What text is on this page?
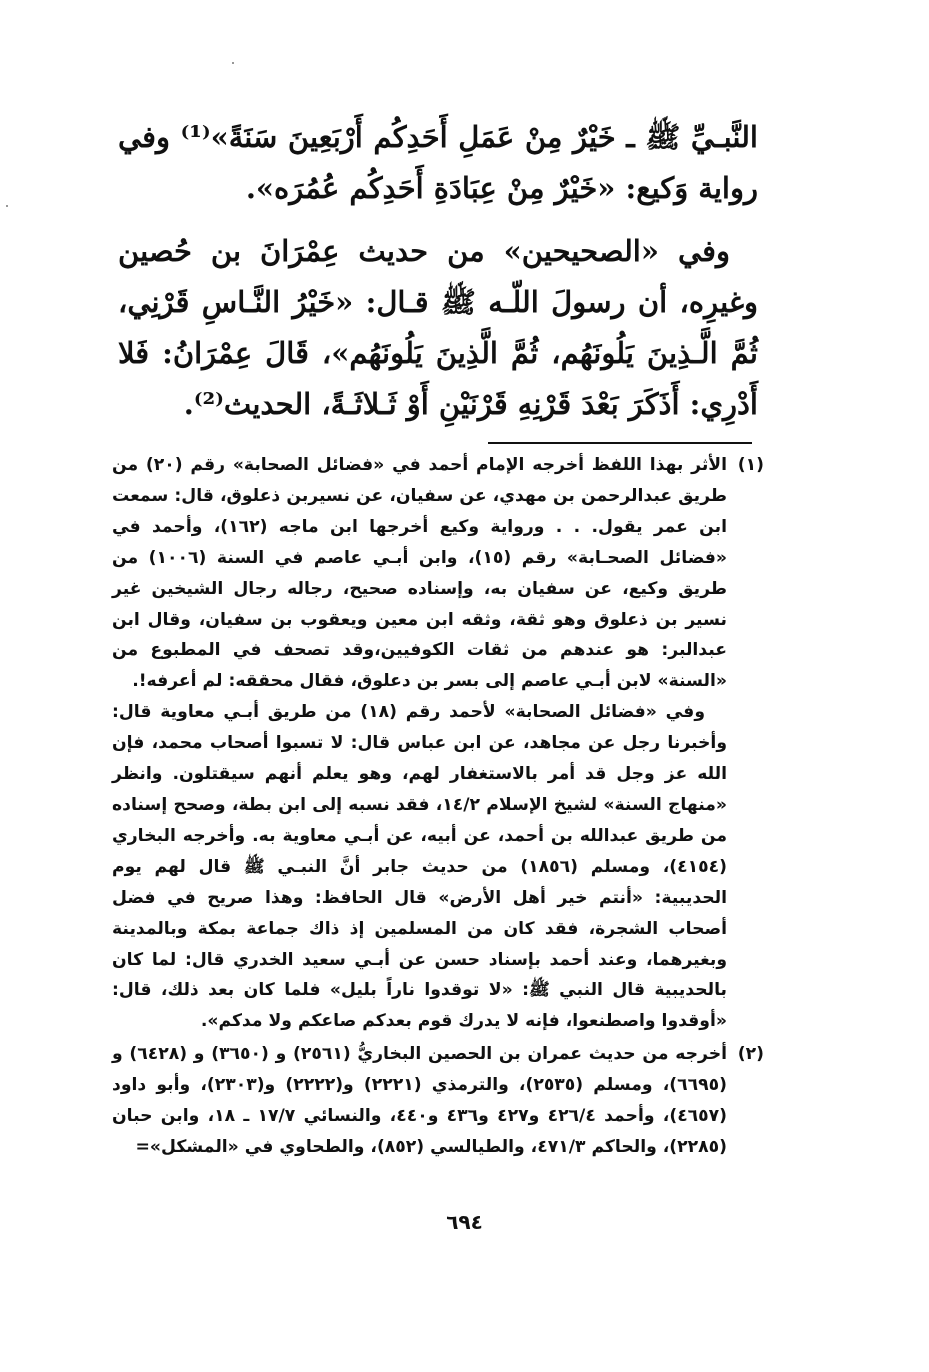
النَّبـيِّ ﷺ ـ خَيْرٌ مِنْ عَمَلِ أَحَدِكُم أَرْبَعِينَ سَنَةً»⁽¹⁾ وفي رواية وَكيع: «خَيْرٌ مِنْ عِبَادَةِ أَحَدِكُم عُمُرَه».

وفي «الصحيحين» من حديث عِمْرَانَ بن حُصين وغيرِه، أن رسولَ اللّـه ﷺ قـال: «خَيْرُ النَّـاسِ قَرْنِي، ثُمَّ الَّـذِينَ يَلُونَهُم، ثُمَّ الَّذِينَ يَلُونَهُم»، قَالَ عِمْرَانُ: فَلا أَدْرِي: أَذَكَرَ بَعْدَ قَرْنِهِ قَرْنَيْنِ أَوْ ثَـلاثَـةً، الحديث⁽²⁾.

(١)

الأثر بهذا اللفظ أخرجه الإمام أحمد في «فضائل الصحابة» رقم (٢٠) من طريق عبدالرحمن بن مهدي، عن سفيان، عن نسيربن ذعلوق، قال: سمعت ابن عمر يقول. . . ورواية وكيع أخرجها ابن ماجه (١٦٢)، وأحمد في «فضائل الصحـابة» رقم (١٥)، وابن أبـي عاصم في السنة (١٠٠٦) من طريق وكيع، عن سفيان به، وإسناده صحيح، رجاله رجال الشيخين غير نسير بن ذعلوق وهو ثقة، وثقه ابن معين ويعقوب بن سفيان، وقال ابن عبدالبر: هو عندهم من ثقات الكوفيين،وقد تصحف في المطبوع من «السنة» لابن أبـي عاصم إلى بسر بن دعلوق، فقال محققه: لم أعرفه!.

وفي «فضائل الصحابة» لأحمد رقم (١٨) من طريق أبـي معاوية قال: وأخبرنا رجل عن مجاهد، عن ابن عباس قال: لا تسبوا أصحاب محمد، فإن الله عز وجل قد أمر بالاستغفار لهم، وهو يعلم أنهم سيقتلون. وانظر «منهاج السنة» لشيخ الإسلام ١٤/٢، فقد نسبه إلى ابن بطة، وصحح إسناده من طريق عبدالله بن أحمد، عن أبيه، عن أبـي معاوية به. وأخرجه البخاري (٤١٥٤)، ومسلم (١٨٥٦) من حديث جابر أنَّ النبـي ﷺ قال لهم يوم الحديبية: «أنتم خير أهل الأرض» قال الحافظ: وهذا صريح في فضل أصحاب الشجرة، فقد كان من المسلمين إذ ذاك جماعة بمكة وبالمدينة وبغيرهما، وعند أحمد بإسناد حسن عن أبـي سعيد الخدري قال: لما كان بالحديبية قال النبي ﷺ: «لا توقدوا ناراً بليل» فلما كان بعد ذلك، قال: «أوقدوا واصطنعوا، فإنه لا يدرك قوم بعدكم صاعكم ولا مدكم».

(٢)

أخرجه من حديث عمران بن الحصين البخاريُّ (٢٥٦١) و (٣٦٥٠) و (٦٤٢٨) و (٦٦٩٥)، ومسلم (٢٥٣٥)، والترمذي (٢٢٢١) و(٢٢٢٢) و(٢٣٠٣)، وأبو داود (٤٦٥٧)، وأحمد ٤٢٦/٤ و٤٢٧ و٤٣٦ و٤٤٠، والنسائي ١٧/٧ ـ ١٨، وابن حبان (٢٢٨٥)، والحاكم ٤٧١/٣، والطيالسي (٨٥٢)، والطحاوي في «المشكل»=

٦٩٤
